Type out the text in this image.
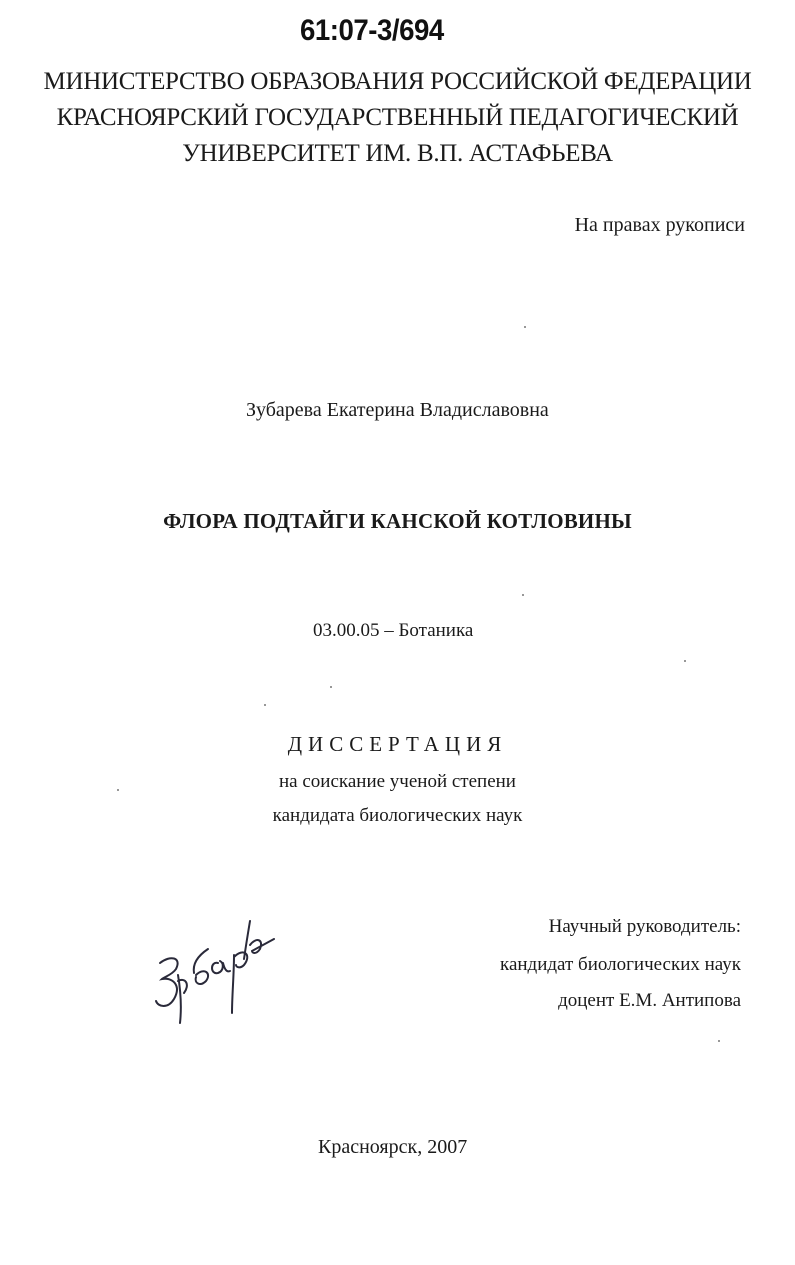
61:07-3/694
МИНИСТЕРСТВО ОБРАЗОВАНИЯ РОССИЙСКОЙ ФЕДЕРАЦИИ
КРАСНОЯРСКИЙ ГОСУДАРСТВЕННЫЙ ПЕДАГОГИЧЕСКИЙ
УНИВЕРСИТЕТ ИМ. В.П. АСТАФЬЕВА
На правах рукописи
Зубарева Екатерина Владиславовна
ФЛОРА ПОДТАЙГИ КАНСКОЙ КОТЛОВИНЫ
03.00.05 – Ботаника
ДИССЕРТАЦИЯ
на соискание ученой степени
кандидата биологических наук
Научный руководитель:
кандидат биологических наук
доцент Е.М. Антипова
Красноярск, 2007
